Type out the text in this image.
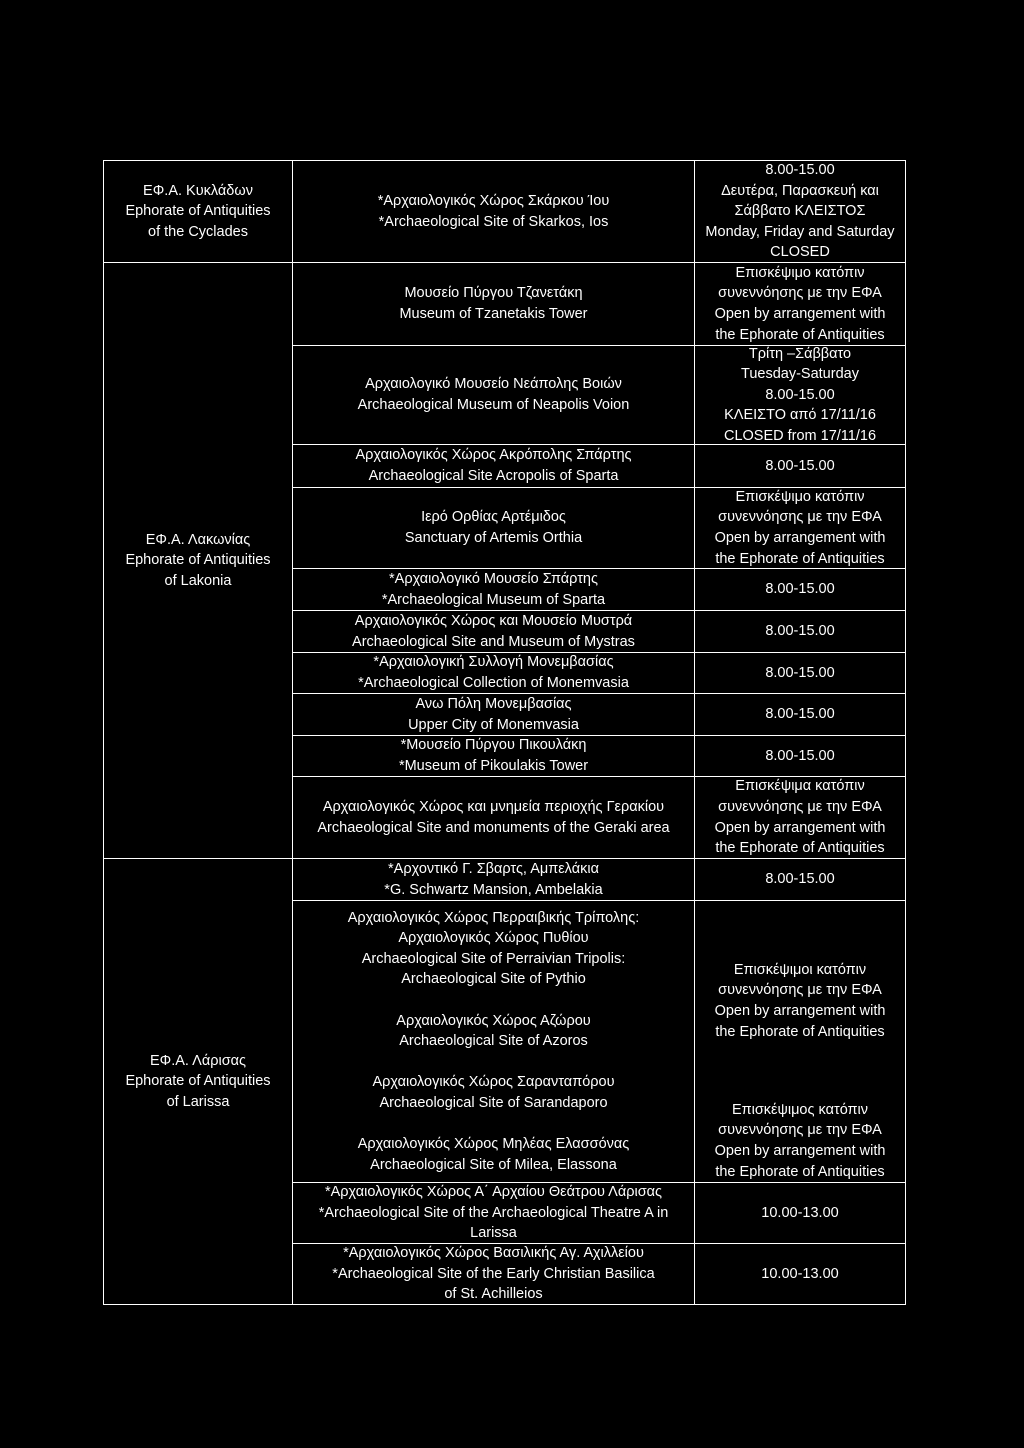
ΕΦ.Α. Κυκλάδων
Ephorate of Antiquities
of the Cyclades
ΕΦ.Α. Λακωνίας
Ephorate of Antiquities
of Lakonia
ΕΦ.Α. Λάρισας
Ephorate of Antiquities
of Larissa
*Αρχαιολογικός Χώρος Σκάρκου Ίου
*Archaeological Site of Skarkos, Ios
8.00-15.00
Δευτέρα, Παρασκευή και
Σάββατο ΚΛΕΙΣΤΟΣ
Monday, Friday and Saturday
CLOSED
Μουσείο Πύργου Τζανετάκη
Museum of Tzanetakis Tower
Επισκέψιμο κατόπιν
συνεννόησης με την ΕΦΑ
Open by arrangement with
the Ephorate of Antiquities
Αρχαιολογικό Μουσείο Νεάπολης Βοιών
Archaeological Museum of Neapolis Voion
Τρίτη –Σάββατο
Tuesday-Saturday
8.00-15.00
ΚΛΕΙΣΤΟ από 17/11/16
CLOSED from 17/11/16
Αρχαιολογικός Χώρος Ακρόπολης Σπάρτης
Archaeological Site Acropolis of Sparta
8.00-15.00
Ιερό Ορθίας Αρτέμιδος
Sanctuary of Artemis Orthia
Επισκέψιμο κατόπιν
συνεννόησης με την ΕΦΑ
Open by arrangement with
the Ephorate of Antiquities
*Αρχαιολογικό Μουσείο Σπάρτης
*Archaeological Museum of Sparta
8.00-15.00
Αρχαιολογικός Χώρος και Μουσείο Μυστρά
Archaeological Site and Museum of Mystras
8.00-15.00
*Αρχαιολογική Συλλογή Μονεμβασίας
*Archaeological Collection of Monemvasia
8.00-15.00
Ανω Πόλη Μονεμβασίας
Upper City of Monemvasia
8.00-15.00
*Μουσείο Πύργου Πικουλάκη
*Museum of Pikoulakis Tower
8.00-15.00
Αρχαιολογικός Χώρος και μνημεία περιοχής Γερακίου
Archaeological Site and monuments of the Geraki area
Επισκέψιμα κατόπιν
συνεννόησης με την ΕΦΑ
Open by arrangement with
the Ephorate of Antiquities
*Αρχοντικό Γ. Σβαρτς, Αμπελάκια
*G. Schwartz Mansion, Ambelakia
8.00-15.00
Αρχαιολογικός Χώρος Περραιβικής Τρίπολης:
Αρχαιολογικός Χώρος Πυθίου
Archaeological Site of Perraivian Tripolis:
Archaeological Site of Pythio
Αρχαιολογικός Χώρος Αζώρου
Archaeological Site of Azoros
Αρχαιολογικός Χώρος Σαρανταπόρου
Archaeological Site of Sarandaporo
Αρχαιολογικός Χώρος Μηλέας Ελασσόνας
Archaeological Site of Milea, Elassona
Επισκέψιμοι κατόπιν
συνεννόησης με την ΕΦΑ
Open by arrangement with
the Ephorate of Antiquities
Επισκέψιμος κατόπιν
συνεννόησης με την ΕΦΑ
Open by arrangement with
the Ephorate of Antiquities
*Αρχαιολογικός Χώρος Α΄ Αρχαίου Θεάτρου Λάρισας
*Archaeological Site of the Archaeological Theatre A in
Larissa
10.00-13.00
*Αρχαιολογικός Χώρος Βασιλικής Αγ. Αχιλλείου
*Archaeological Site of the Early Christian Basilica
of St. Achilleios
10.00-13.00
